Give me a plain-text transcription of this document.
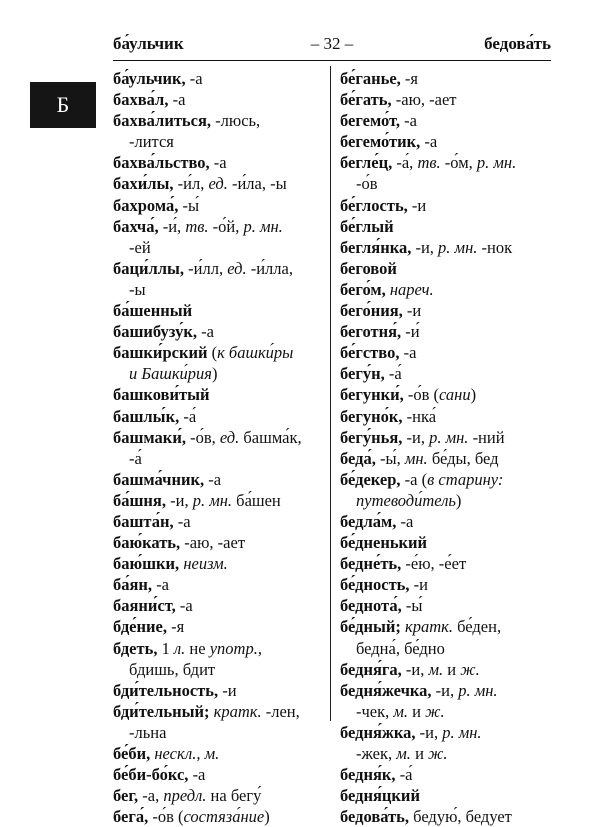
ба́ульчик	– 32 –	бедова́ть
Б
ба́ульчик, -а
бахва́л, -а
бахва́литься, -люсь,
-лится
бахва́льство, -а
бахи́лы, -и́л, ед. -и́ла, -ы
бахрома́, -ы́
бахча́, -и́, тв. -о́й, р. мн.
-ей
баци́ллы, -и́лл, ед. -и́лла,
-ы
ба́шенный
башибузу́к, -а
башки́рский (к башки́ры
и Башки́рия)
башкови́тый
башлы́к, -а́
башмаки́, -о́в, ед. башма́к,
-а́
башма́чник, -а
ба́шня, -и, р. мн. ба́шен
башта́н, -а
баю́кать, -аю, -ает
баю́шки, неизм.
ба́ян, -а
баяни́ст, -а
бде́ние, -я
бдеть, 1 л. не употр.,
бдишь, бдит
бди́тельность, -и
бди́тельный; кратк. -лен,
-льна
бе́би, нескл., м.
бе́би-бо́кс, -а
бег, -а, предл. на бегу́
бега́, -о́в (состяза́ние)
бе́ганье, -я
бе́гать, -аю, -ает
бегемо́т, -а
бегемо́тик, -а
бегле́ц, -а́, тв. -о́м, р. мн.
-о́в
бе́глость, -и
бе́глый
бегля́нка, -и, р. мн. -нок
беговой
бего́м, нареч.
бего́ния, -и
беготня́, -и́
бе́гство, -а
бегу́н, -а́
бегунки́, -о́в (сани)
бегуно́к, -нка́
бегу́нья, -и, р. мн. -ний
беда́, -ы́, мн. бе́ды, бед
бе́декер, -а (в старину:
путеводи́тель)
бедла́м, -а
бе́дненький
бедне́ть, -е́ю, -е́ет
бе́дность, -и
беднота́, -ы́
бе́дный; кратк. бе́ден,
бедна́, бе́дно
бедня́га, -и, м. и ж.
бедня́жечка, -и, р. мн.
-чек, м. и ж.
бедня́жка, -и, р. мн.
-жек, м. и ж.
бедня́к, -а́
бедня́цкий
бедова́ть, бедую́, бедует
